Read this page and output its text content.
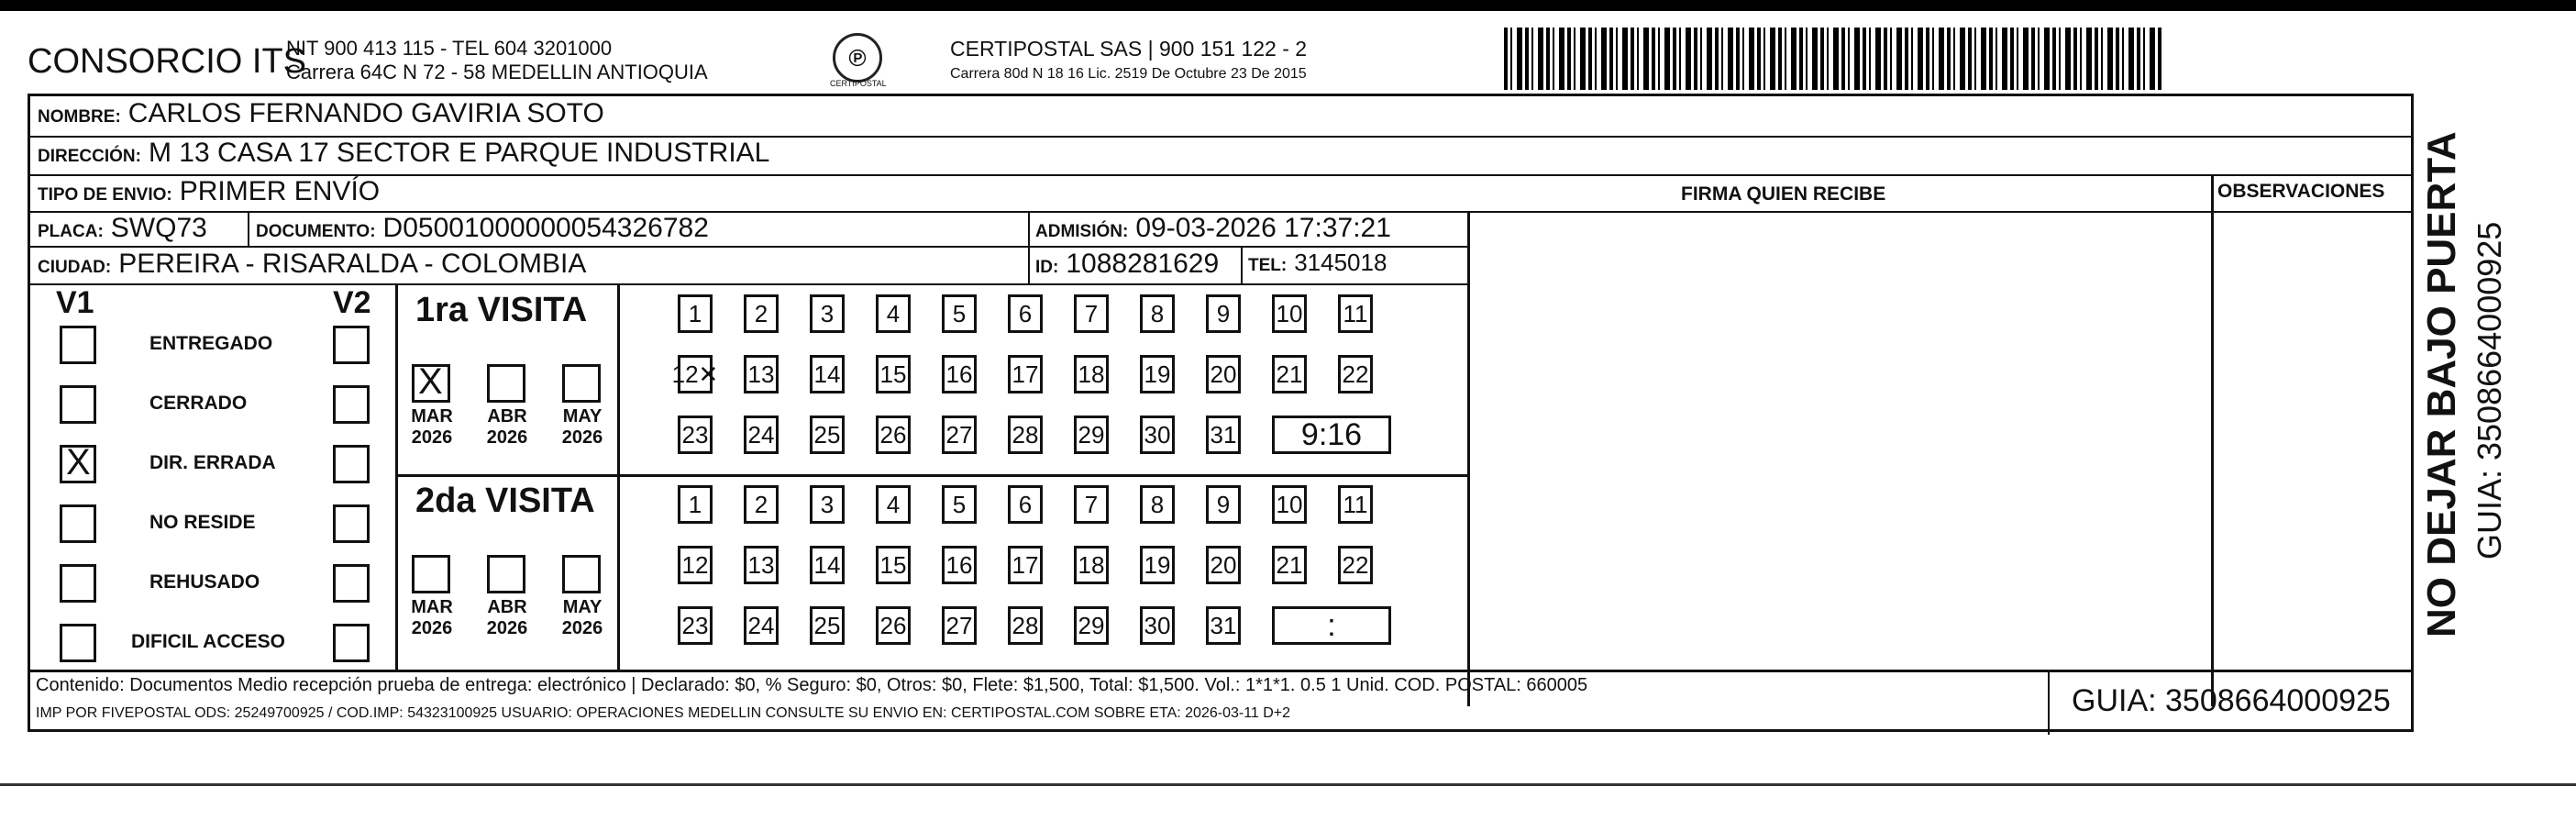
CONSORCIO ITS
NIT 900 413 115 - TEL 604 3201000
Carrera 64C N 72 - 58 MEDELLIN ANTIOQUIA
℗
CERTIPOSTAL
CERTIPOSTAL SAS | 900 151 122 - 2
Carrera 80d N 18 16 Lic. 2519 De Octubre 23 De 2015
NOMBRE: CARLOS FERNANDO GAVIRIA SOTO
DIRECCIÓN: M 13 CASA 17 SECTOR E PARQUE INDUSTRIAL
TIPO DE ENVIO: PRIMER ENVÍO
PLACA: SWQ73	DOCUMENTO: D05001000000054326782	ADMISIÓN: 09-03-2026 17:37:21
CIUDAD: PEREIRA - RISARALDA - COLOMBIA	ID: 1088281629 TEL: 3145018
FIRMA QUIEN RECIBE	OBSERVACIONES
V1	V2
ENTREGADO
CERRADO
X	DIR. ERRADA
NO RESIDE
REHUSADO
DIFICIL ACCESO
1ra VISITA
2da VISITA
X
MAR 2026
ABR 2026
MAY 2026
1	2	3	4	5	6	7	8	9	10 11
12✕ 13 14 15 16 17 18 19 20 21 22
23 24 25 26 27 28 29 30 31	9:16
MAR 2026
ABR 2026
MAY 2026
1	2	3	4	5	6	7	8	9	10 11
12 13 14 15 16 17 18 19 20 21 22
23 24 25 26 27 28 29 30 31	:
Contenido: Documentos Medio recepción prueba de entrega: electrónico | Declarado: $0, % Seguro: $0, Otros: $0, Flete: $1,500, Total: $1,500. Vol.: 1*1*1. 0.5 1 Unid. COD. POSTAL: 660005
IMP POR FIVEPOSTAL ODS: 25249700925 / COD.IMP: 54323100925 USUARIO: OPERACIONES MEDELLIN CONSULTE SU ENVIO EN: CERTIPOSTAL.COM SOBRE ETA: 2026-03-11 D+2	GUIA: 3508664000925
NO DEJAR BAJO PUERTA GUIA: 3508664000925
